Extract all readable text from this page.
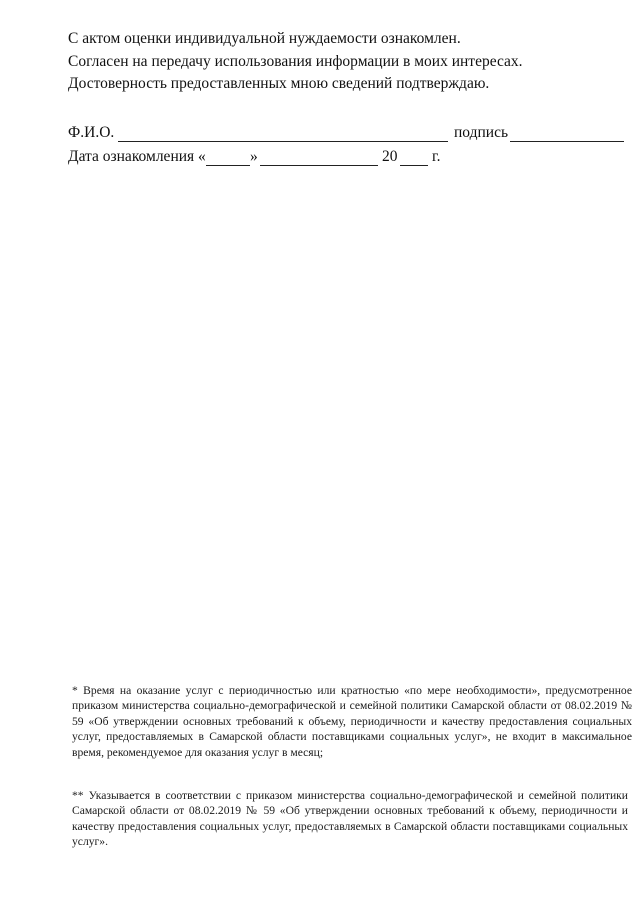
С актом оценки индивидуальной нуждаемости ознакомлен.
Согласен на передачу использования информации в моих интересах.
Достоверность предоставленных мною сведений подтверждаю.
Ф.И.О.	подпись
Дата ознакомления «	»	20 г.
* Время на оказание услуг с периодичностью или кратностью «по мере необходимости», предусмотренное приказом министерства социально-демографической и семейной политики Самарской области от 08.02.2019 № 59 «Об утверждении основных требований к объему, периодичности и качеству предоставления социальных услуг, предоставляемых в Самарской области поставщиками социальных услуг», не входит в максимальное время, рекомендуемое для оказания услуг в месяц;
** Указывается в соответствии с приказом министерства социально-демографической и семейной политики Самарской области от 08.02.2019 № 59 «Об утверждении основных требований к объему, периодичности и качеству предоставления социальных услуг, предоставляемых в Самарской области поставщиками социальных услуг».
